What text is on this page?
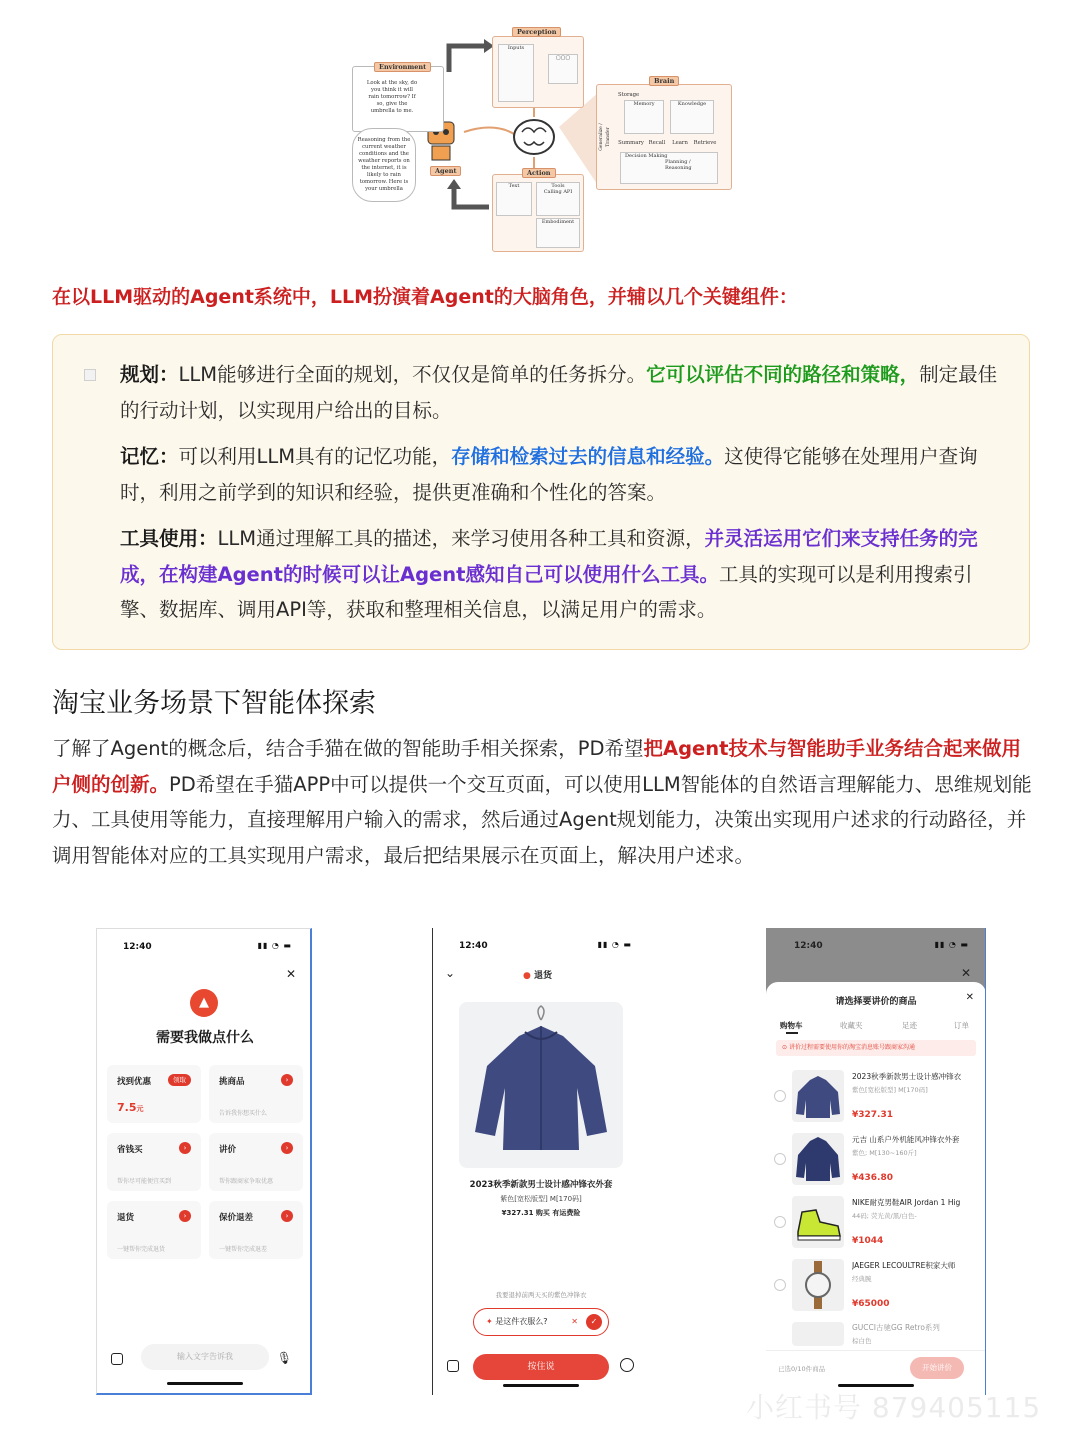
Environment
Look at the sky, do you think it will rain tomorrow? If so, give the umbrella to me.
Reasoning from the current weather conditions and the weather reports on the internet, it is likely to rain tomorrow. Here is your umbrella
Agent
Perception
Inputs
▢▢▢
Brain
Storage
Memory	Knowledge
Summary Recall	Learn	Retrieve
Decision Making
Planning / Reasoning
Generalize / Transfer
Action
Text	Tools
Calling API
Embodiment
在以LLM驱动的Agent系统中，LLM扮演着Agent的大脑角色，并辅以几个关键组件：
规划：LLM能够进行全面的规划，不仅仅是简单的任务拆分。它可以评估不同的路径和策略，制定最佳的行动计划，以实现用户给出的目标。
记忆：可以利用LLM具有的记忆功能，存储和检索过去的信息和经验。这使得它能够在处理用户查询时，利用之前学到的知识和经验，提供更准确和个性化的答案。
工具使用：LLM通过理解工具的描述，来学习使用各种工具和资源，并灵活运用它们来支持任务的完成，在构建Agent的时候可以让Agent感知自己可以使用什么工具。工具的实现可以是利用搜索引擎、数据库、调用API等，获取和整理相关信息，以满足用户的需求。
淘宝业务场景下智能体探索
了解了Agent的概念后，结合手猫在做的智能助手相关探索，PD希望把Agent技术与智能助手业务结合起来做用户侧的创新。PD希望在手猫APP中可以提供一个交互页面，可以使用LLM智能体的自然语言理解能力、思维规划能力、工具使用等能力，直接理解用户输入的需求，然后通过Agent规划能力，决策出实现用户述求的行动路径，并调用智能体对应的工具实现用户需求，最后把结果展示在页面上，解决用户述求。
12:40	▮▮ ◔ ▬
✕
▲
需要我做点什么
找到优惠	领取
7.5元
挑商品	›
告诉我你想买什么
省钱买	›
帮你尽可能便宜买到
讲价	›
帮你跟商家争取优惠
退货	›
一键帮你完成退货
保价退差	›
一键帮你完成退差
输入文字告诉我	🎙
12:40	▮▮ ◔ ▬
⌄	● 退货
2023秋季新款男士设计感冲锋衣外套
紫色[宽松版型] M[170码]
¥327.31 购买 有运费险
我要退掉前两天买的紫色冲锋衣
✦ 是这件衣服么?	✕	✓
按住说
12:40	▮▮ ◔ ▬
✕
请选择要讲价的商品	✕
购物车	收藏夹	足迹	订单
⊙ 讲价过程需要使用你的淘宝消息账号跟商家沟通
2023秋季新款男士设计感冲锋衣
紫色[宽松版型] M[170码]
¥327.31
元吉 山系户外机能风冲锋衣外套
紫色; M[130~160斤]
¥436.80
NIKE耐克男鞋AIR Jordan 1 Hig
44码; 荧光黄/黑/白色-
¥1044
JAEGER LECOULTRE积家大师
经典腕
¥65000
GUCCI古驰GG Retro系列
棕白色
已选0/10件商品	开始讲价
小红书号 879405115
